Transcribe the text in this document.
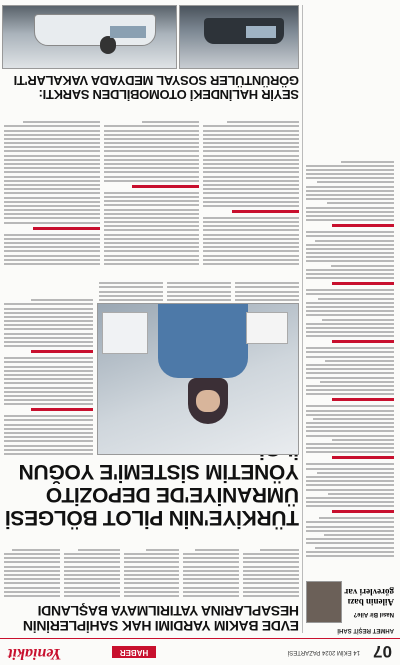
07
14 EKİM 2024 PAZARTESİ
HABER
Yeniakit
AHMET REŞİT SAHİ
Nasıl Bir Aile?
Ailenin bazı görevleri var
EVDE BAKIM YARDIMI HAK SAHİPLERİNİN
HESAPLARINA YATIRILMAYA BAŞLANDI
TÜRKİYE'NİN PİLOT BÖLGESİ
ÜMRANİYE'DE DEPOZİTO
YÖNETİM SİSTEMİ'E YOĞUN
SEYİR HALİNDEKİ OTOMOBİLDEN SARKTI:
GÖRÜNTÜLER SOSYAL MEDYADA VAKALAR'TI
